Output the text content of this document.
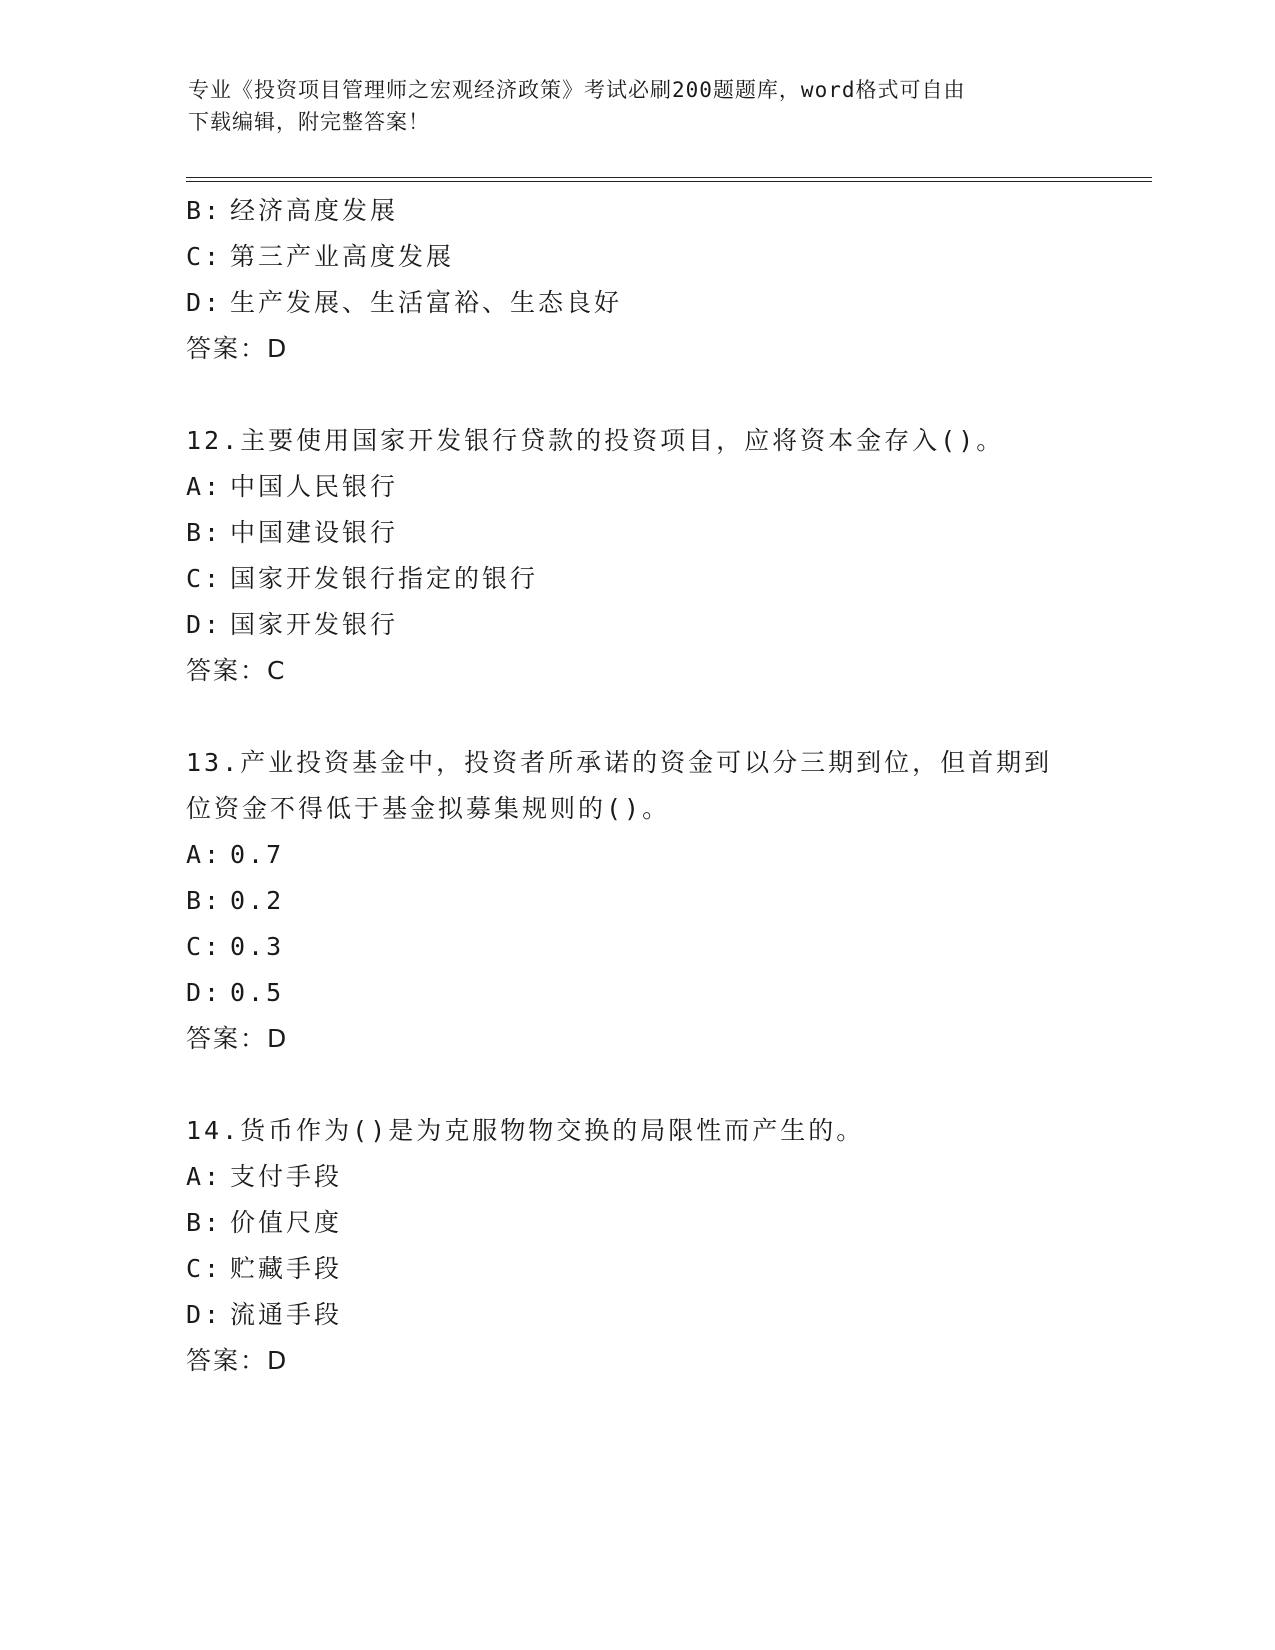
专业《投资项目管理师之宏观经济政策》考试必刷200题题库，word格式可自由
下载编辑，附完整答案！
B: 经济高度发展
C: 第三产业高度发展
D: 生产发展、生活富裕、生态良好
答案：D
12.主要使用国家开发银行贷款的投资项目，应将资本金存入()。
A: 中国人民银行
B: 中国建设银行
C: 国家开发银行指定的银行
D: 国家开发银行
答案：C
13.产业投资基金中，投资者所承诺的资金可以分三期到位，但首期到
位资金不得低于基金拟募集规则的()。
A: 0.7
B: 0.2
C: 0.3
D: 0.5
答案：D
14.货币作为()是为克服物物交换的局限性而产生的。
A: 支付手段
B: 价值尺度
C: 贮藏手段
D: 流通手段
答案：D
